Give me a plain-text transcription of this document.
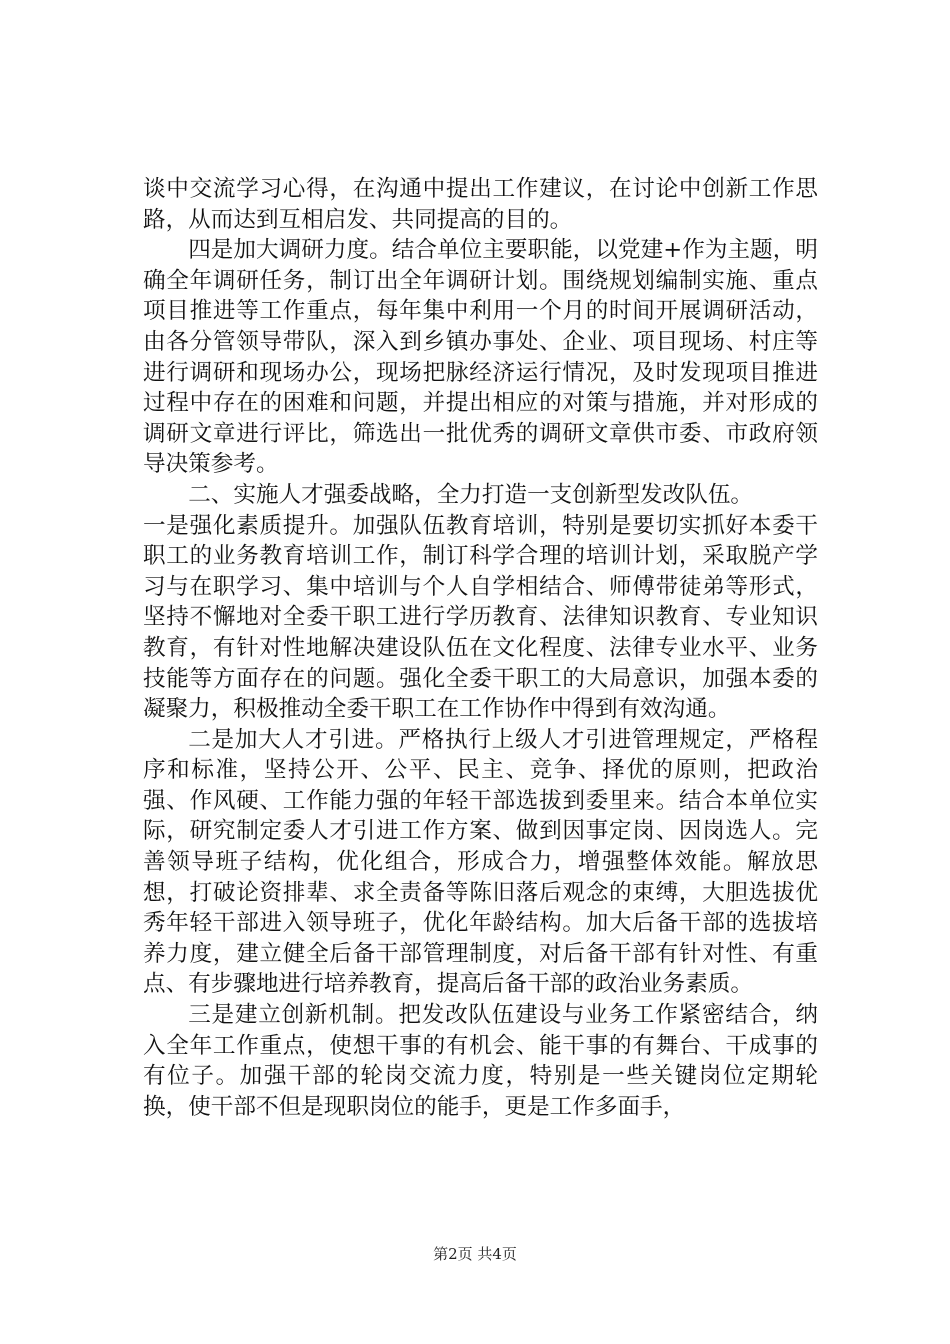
谈中交流学习心得，在沟通中提出工作建议，在讨论中创新工作思路，从而达到互相启发、共同提高的目的。

四是加大调研力度。结合单位主要职能，以党建+作为主题，明确全年调研任务，制订出全年调研计划。围绕规划编制实施、重点项目推进等工作重点，每年集中利用一个月的时间开展调研活动，由各分管领导带队，深入到乡镇办事处、企业、项目现场、村庄等进行调研和现场办公，现场把脉经济运行情况，及时发现项目推进过程中存在的困难和问题，并提出相应的对策与措施，并对形成的调研文章进行评比，筛选出一批优秀的调研文章供市委、市政府领导决策参考。

二、实施人才强委战略，全力打造一支创新型发改队伍。

一是强化素质提升。加强队伍教育培训，特别是要切实抓好本委干职工的业务教育培训工作，制订科学合理的培训计划，采取脱产学习与在职学习、集中培训与个人自学相结合、师傅带徒弟等形式，坚持不懈地对全委干职工进行学历教育、法律知识教育、专业知识教育，有针对性地解决建设队伍在文化程度、法律专业水平、业务技能等方面存在的问题。强化全委干职工的大局意识，加强本委的凝聚力，积极推动全委干职工在工作协作中得到有效沟通。

二是加大人才引进。严格执行上级人才引进管理规定，严格程序和标准，坚持公开、公平、民主、竞争、择优的原则，把政治强、作风硬、工作能力强的年轻干部选拔到委里来。结合本单位实际，研究制定委人才引进工作方案、做到因事定岗、因岗选人。完善领导班子结构，优化组合，形成合力，增强整体效能。解放思想，打破论资排辈、求全责备等陈旧落后观念的束缚，大胆选拔优秀年轻干部进入领导班子，优化年龄结构。加大后备干部的选拔培养力度，建立健全后备干部管理制度，对后备干部有针对性、有重点、有步骤地进行培养教育，提高后备干部的政治业务素质。

三是建立创新机制。把发改队伍建设与业务工作紧密结合，纳入全年工作重点，使想干事的有机会、能干事的有舞台、干成事的有位子。加强干部的轮岗交流力度，特别是一些关键岗位定期轮换，使干部不但是现职岗位的能手，更是工作多面手，

第2页 共4页
